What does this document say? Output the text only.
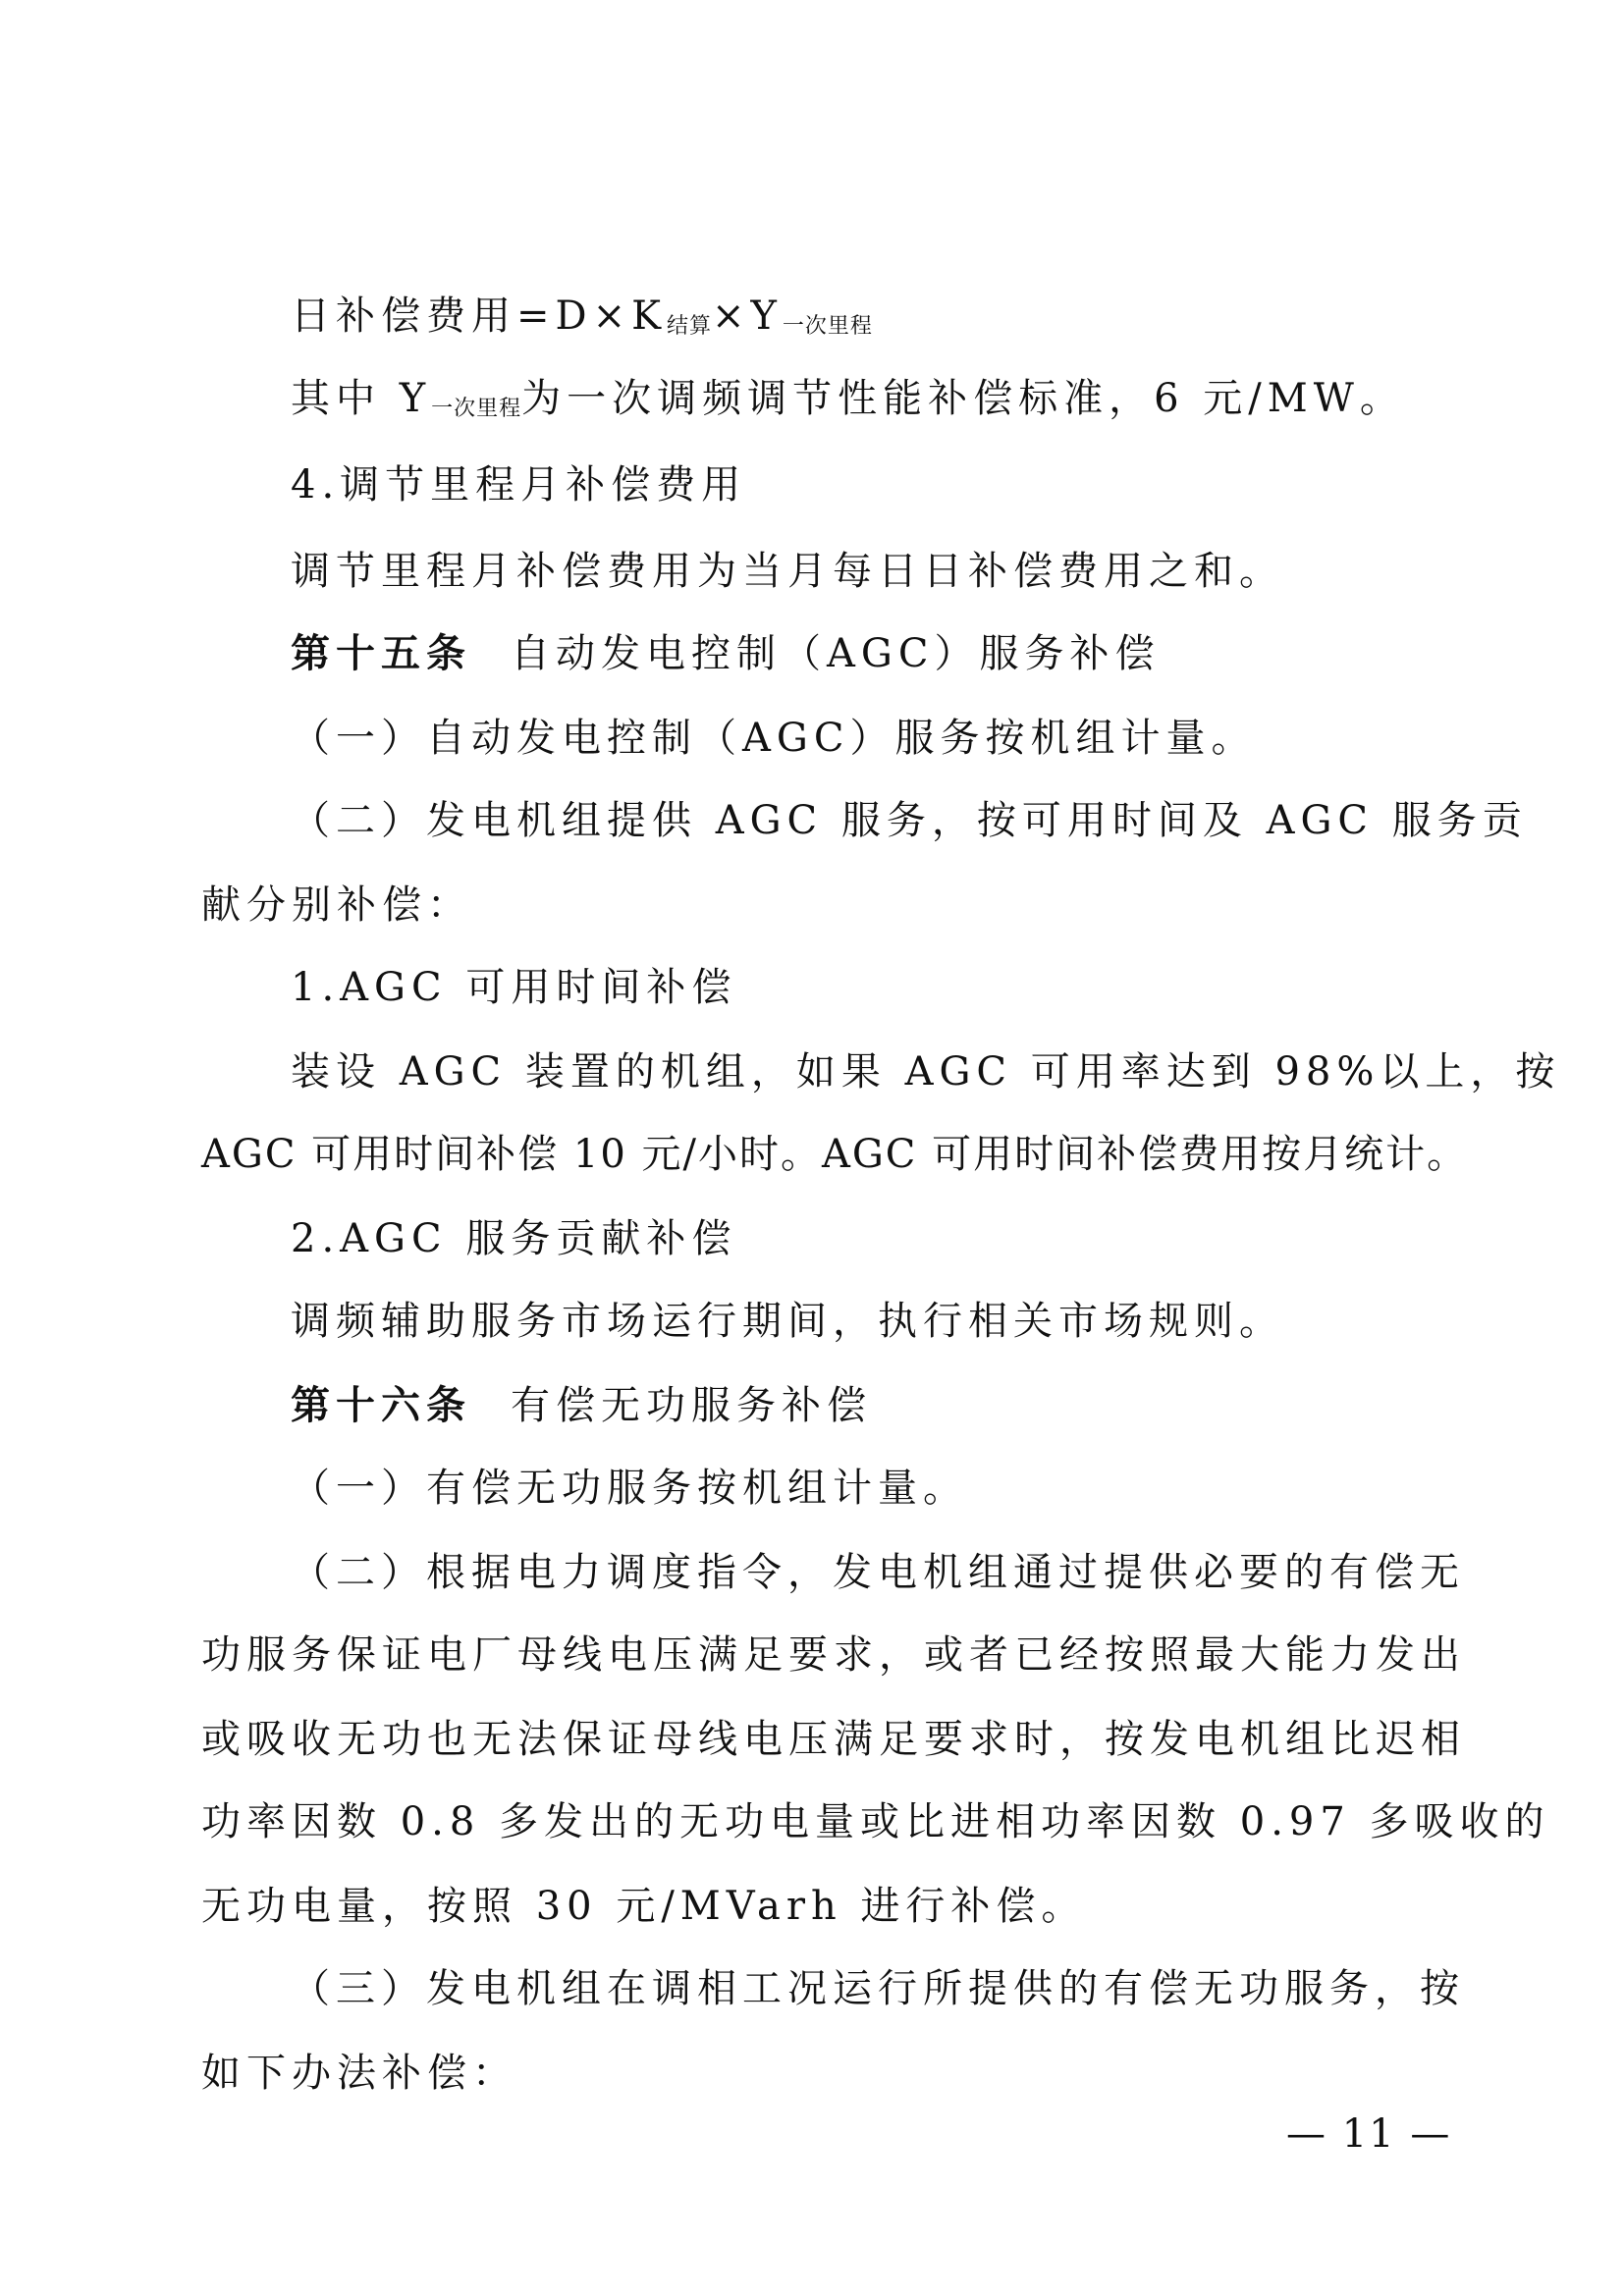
日补偿费用$=D\times K_{结算}\times Y_{一次里程}$
其中 $Y_{一次里程}$为一次调频调节性能补偿标准，6 元/MW。
4.调节里程月补偿费用
调节里程月补偿费用为当月每日日补偿费用之和。
第十五条 自动发电控制（AGC）服务补偿
（一）自动发电控制（AGC）服务按机组计量。
（二）发电机组提供 AGC 服务，按可用时间及 AGC 服务贡
献分别补偿：
1.AGC 可用时间补偿
装设 AGC 装置的机组，如果 AGC 可用率达到 98%以上，按
AGC 可用时间补偿 10 元/小时。AGC 可用时间补偿费用按月统计。
2.AGC 服务贡献补偿
调频辅助服务市场运行期间，执行相关市场规则。
第十六条 有偿无功服务补偿
（一）有偿无功服务按机组计量。
（二）根据电力调度指令，发电机组通过提供必要的有偿无
功服务保证电厂母线电压满足要求，或者已经按照最大能力发出
或吸收无功也无法保证母线电压满足要求时，按发电机组比迟相
功率因数 0.8 多发出的无功电量或比进相功率因数 0.97 多吸收的
无功电量，按照 30 元/MVarh 进行补偿。
（三）发电机组在调相工况运行所提供的有偿无功服务，按
如下办法补偿：
— 11 —
